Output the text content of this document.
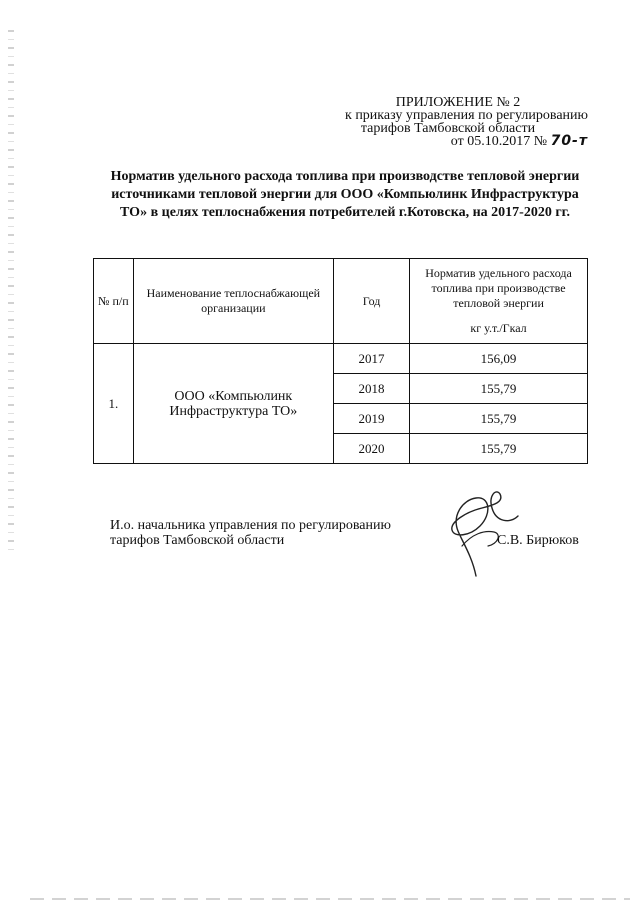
ПРИЛОЖЕНИЕ № 2
к приказу управления по регулированию
тарифов Тамбовской области
от 05.10.2017 № 70-т

Норматив удельного расхода топлива при производстве тепловой энергии источниками тепловой энергии для ООО «Компьюлинк Инфраструктура ТО» в целях теплоснабжения потребителей г.Котовска, на 2017-2020 гг.

№ п/п	Наименование теплоснабжающей организации	Год	Норматив удельного расхода топлива при производстве тепловой энергии
кг у.т./Гкал

1.	ООО «Компьюлинк Инфраструктура ТО»	2017	156,09
		2018	155,79
		2019	155,79
		2020	155,79
И.о. начальника управления по регулированию
тарифов Тамбовской области	С.В. Бирюков
